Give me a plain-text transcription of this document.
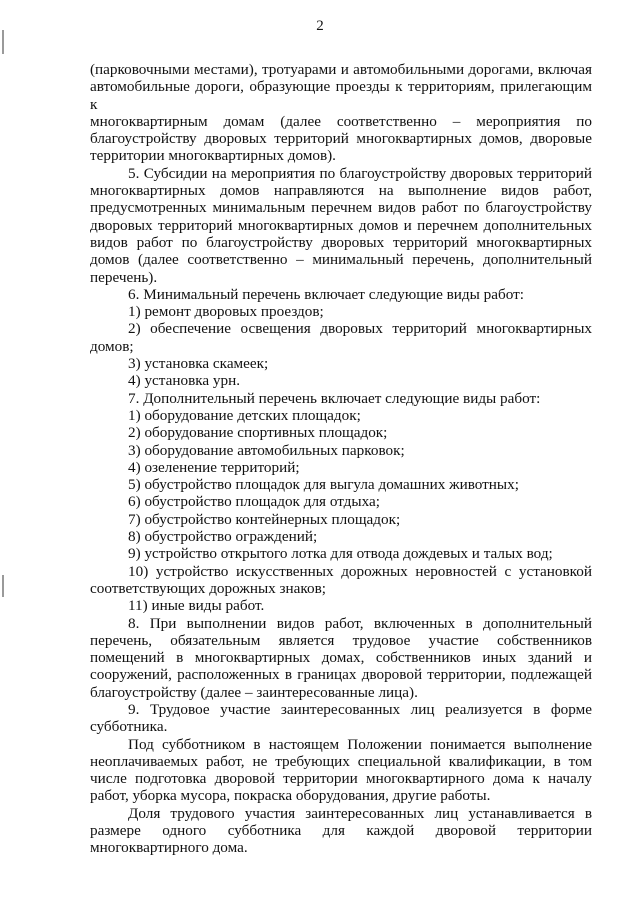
2

(парковочными местами), тротуарами и автомобильными дорогами, включая

автомобильные дороги, образующие проезды к территориям, прилегающим к

многоквартирным домам (далее соответственно – мероприятия по

благоустройству дворовых территорий многоквартирных домов, дворовые

территории многоквартирных домов).

5. Субсидии на мероприятия по благоустройству дворовых территорий

многоквартирных домов направляются на выполнение видов работ,

предусмотренных минимальным перечнем видов работ по благоустройству

дворовых территорий многоквартирных домов и перечнем дополнительных

видов работ по благоустройству дворовых территорий многоквартирных

домов (далее соответственно – минимальный перечень, дополнительный

перечень).

6. Минимальный перечень включает следующие виды работ:

1) ремонт дворовых проездов;

2) обеспечение освещения дворовых территорий многоквартирных

домов;

3) установка скамеек;

4) установка урн.

7. Дополнительный перечень включает следующие виды работ:

1) оборудование детских площадок;

2) оборудование спортивных площадок;

3) оборудование автомобильных парковок;

4) озеленение территорий;

5) обустройство площадок для выгула домашних животных;

6) обустройство площадок для отдыха;

7) обустройство контейнерных площадок;

8) обустройство ограждений;

9) устройство открытого лотка для отвода дождевых и талых вод;

10) устройство искусственных дорожных неровностей с установкой

соответствующих дорожных знаков;

11) иные виды работ.

8. При выполнении видов работ, включенных в дополнительный

перечень, обязательным является трудовое участие собственников

помещений в многоквартирных домах, собственников иных зданий и

сооружений, расположенных в границах дворовой территории, подлежащей

благоустройству (далее – заинтересованные лица).

9. Трудовое участие заинтересованных лиц реализуется в форме

субботника.

Под субботником в настоящем Положении понимается выполнение

неоплачиваемых работ, не требующих специальной квалификации, в том

числе подготовка дворовой территории многоквартирного дома к началу

работ, уборка мусора, покраска оборудования, другие работы.

Доля трудового участия заинтересованных лиц устанавливается в

размере одного субботника для каждой дворовой территории

многоквартирного дома.
